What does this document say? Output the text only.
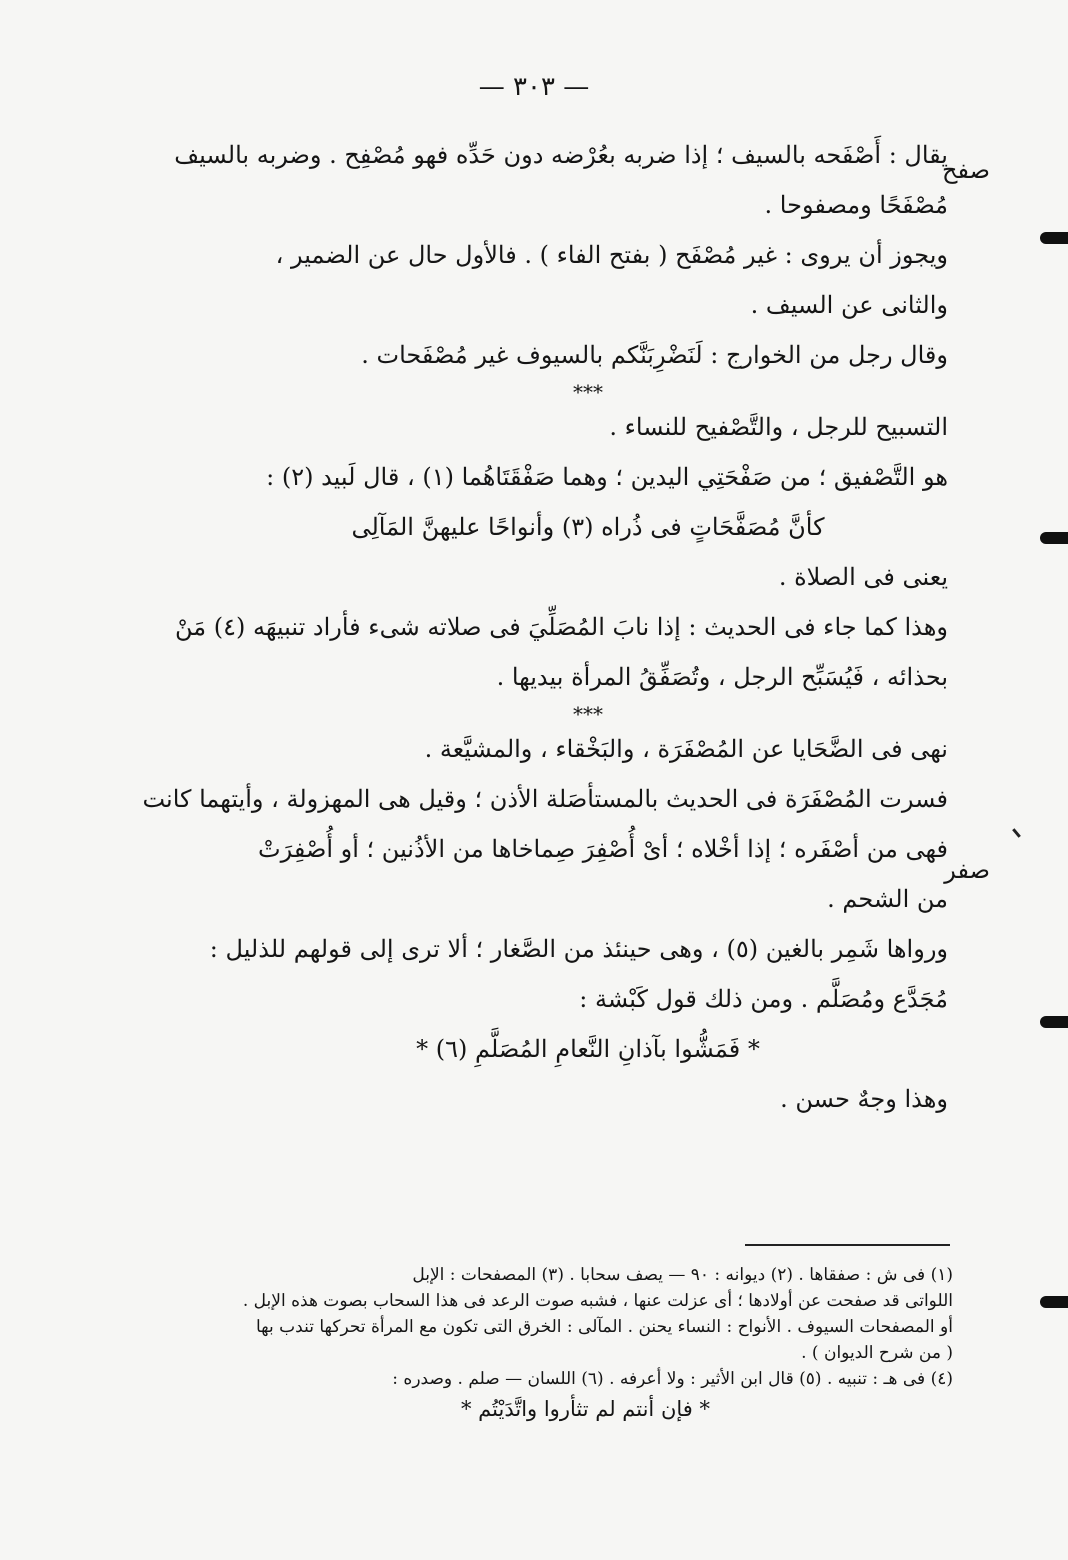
— ٣٠٣ —
صفح
صفر
يقال : أَصْفَحه بالسيف ؛ إذا ضربه بعُرْضه دون حَدِّه فهو مُصْفِح . وضربه بالسيف
مُصْفَحًا ومصفوحا .
ويجوز أن يروى : غير مُصْفَح ( بفتح الفاء ) . فالأول حال عن الضمير ،
والثانى عن السيف .
وقال رجل من الخوارج : لَنَضْرِبَنَّكم بالسيوف غير مُصْفَحات .
***
التسبيح للرجل ، والتَّصْفيح للنساء .
هو التَّصْفيق ؛ من صَفْحَتِي اليدين ؛ وهما صَفْقَتَاهُما (١) ، قال لَبيد (٢) :
كأنَّ مُصَفَّحَاتٍ فى ذُراه (٣) وأنواحًا عليهنَّ المَآلِى
يعنى فى الصلاة .
وهذا كما جاء فى الحديث : إذا نابَ المُصَلِّيَ فى صلاته شىء فأراد تنبيهَه (٤) مَنْ
بحذائه ، فَيُسَبِّح الرجل ، وتُصَفِّقُ المرأة بيديها .
***
نهى فى الضَّحَايا عن المُصْفَرَة ، والبَخْقاء ، والمشيَّعة .
فسرت المُصْفَرَة فى الحديث بالمستأصَلة الأذن ؛ وقيل هى المهزولة ، وأيتهما كانت
فهى من أصْفَره ؛ إذا أخْلاه ؛ أىْ أُصْفِرَ صِماخاها من الأذُنين ؛ أو أُصْفِرَتْ
من الشحم .
ورواها شَمِر بالغين (٥) ، وهى حينئذ من الصَّغار ؛ ألا ترى إلى قولهم للذليل :
مُجَدَّع ومُصَلَّم . ومن ذلك قول كَبْشة :
* فَمَشُّوا بآذانِ النَّعامِ المُصَلَّمِ (٦) *
وهذا وجهٌ حسن .
(١) فى ش : صفقاها . (٢) ديوانه : ٩٠ — يصف سحابا . (٣) المصفحات : الإبل
اللواتى قد صفحت عن أولادها ؛ أى عزلت عنها ، فشبه صوت الرعد فى هذا السحاب بصوت هذه الإبل .
أو المصفحات السيوف . الأنواح : النساء يحنن . المآلى : الخرق التى تكون مع المرأة تحركها تندب بها
( من شرح الديوان ) .
(٤) فى هـ : تنبيه . (٥) قال ابن الأثير : ولا أعرفه . (٦) اللسان — صلم . وصدره :
* فإن أنتم لم تثأروا واتَّدَيْتُم *
